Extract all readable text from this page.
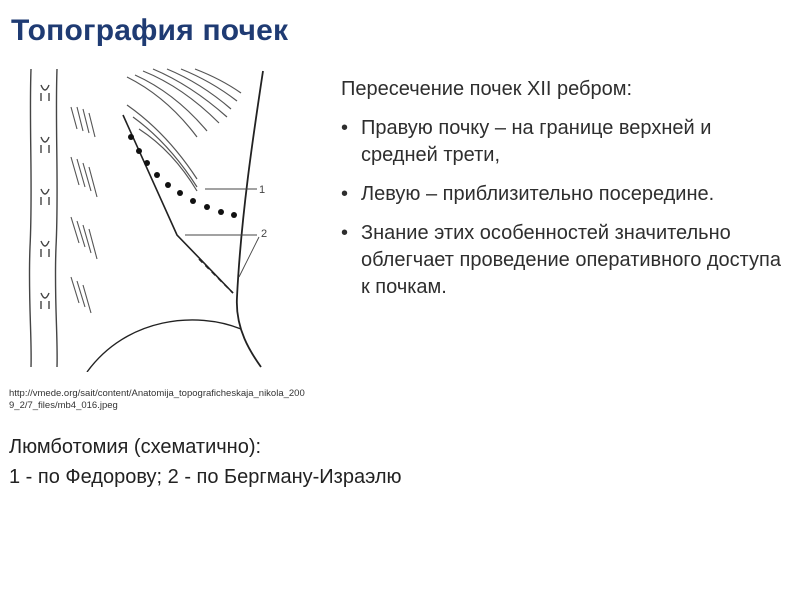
Топография почек
1
2
http://vmede.org/sait/content/Anatomija_topograficheskaja_nikola_2009_2/7_files/mb4_016.jpeg

Пересечение почек XII ребром:

• Правую почку – на границе верхней и средней трети,
• Левую – приблизительно посередине.
• Знание этих особенностей значительно облегчает проведение оперативного доступа к почкам.
Люмботомия (схематично):
1 - по Федорову; 2 - по Бергману-Израэлю
